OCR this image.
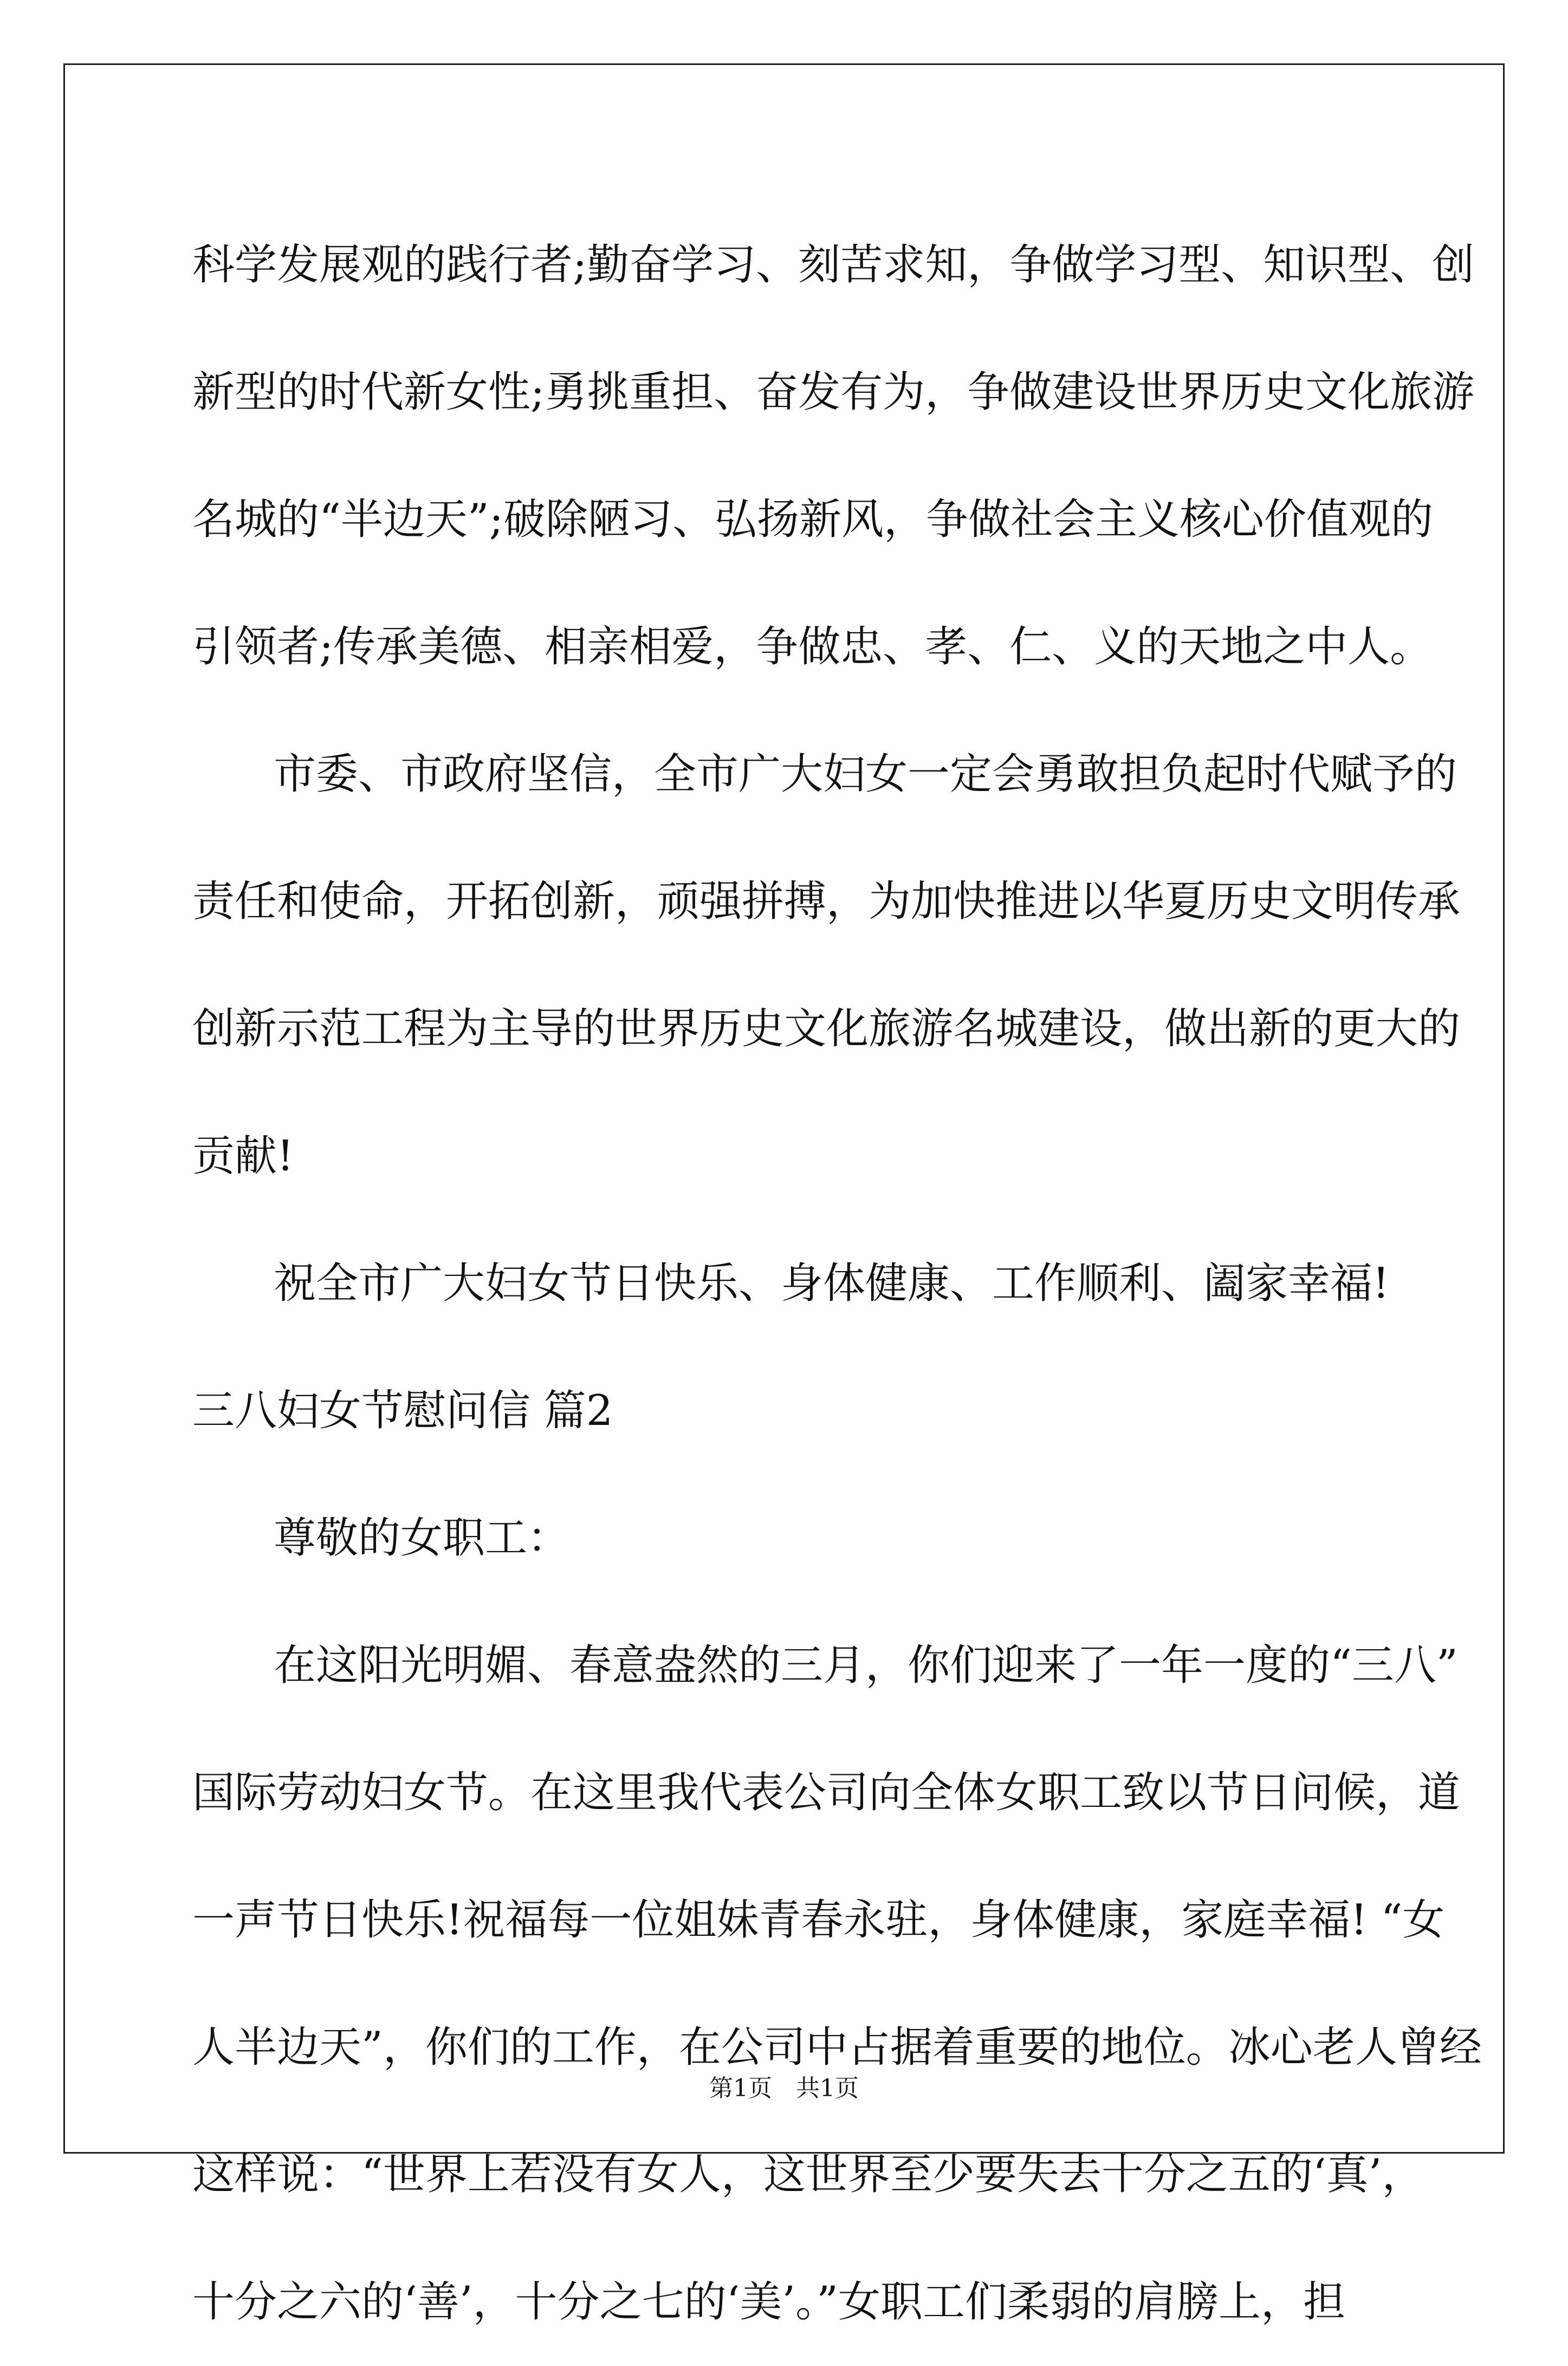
科学发展观的践行者;勤奋学习、刻苦求知，争做学习型、知识型、创

新型的时代新女性;勇挑重担、奋发有为，争做建设世界历史文化旅游

名城的“半边天”;破除陋习、弘扬新风，争做社会主义核心价值观的

引领者;传承美德、相亲相爱，争做忠、孝、仁、义的天地之中人。

市委、市政府坚信，全市广大妇女一定会勇敢担负起时代赋予的

责任和使命，开拓创新，顽强拼搏，为加快推进以华夏历史文明传承

创新示范工程为主导的世界历史文化旅游名城建设，做出新的更大的

贡献!

祝全市广大妇女节日快乐、身体健康、工作顺利、阖家幸福!

三八妇女节慰问信 篇2

尊敬的女职工：

在这阳光明媚、春意盎然的三月，你们迎来了一年一度的“三八”

国际劳动妇女节。在这里我代表公司向全体女职工致以节日问候，道

一声节日快乐!祝福每一位姐妹青春永驻，身体健康，家庭幸福! “女

人半边天”，你们的工作，在公司中占据着重要的地位。冰心老人曾经

这样说：“世界上若没有女人，这世界至少要失去十分之五的‘真’，

十分之六的‘善’，十分之七的‘美’。”女职工们柔弱的肩膀上，担

第1页　共1页
